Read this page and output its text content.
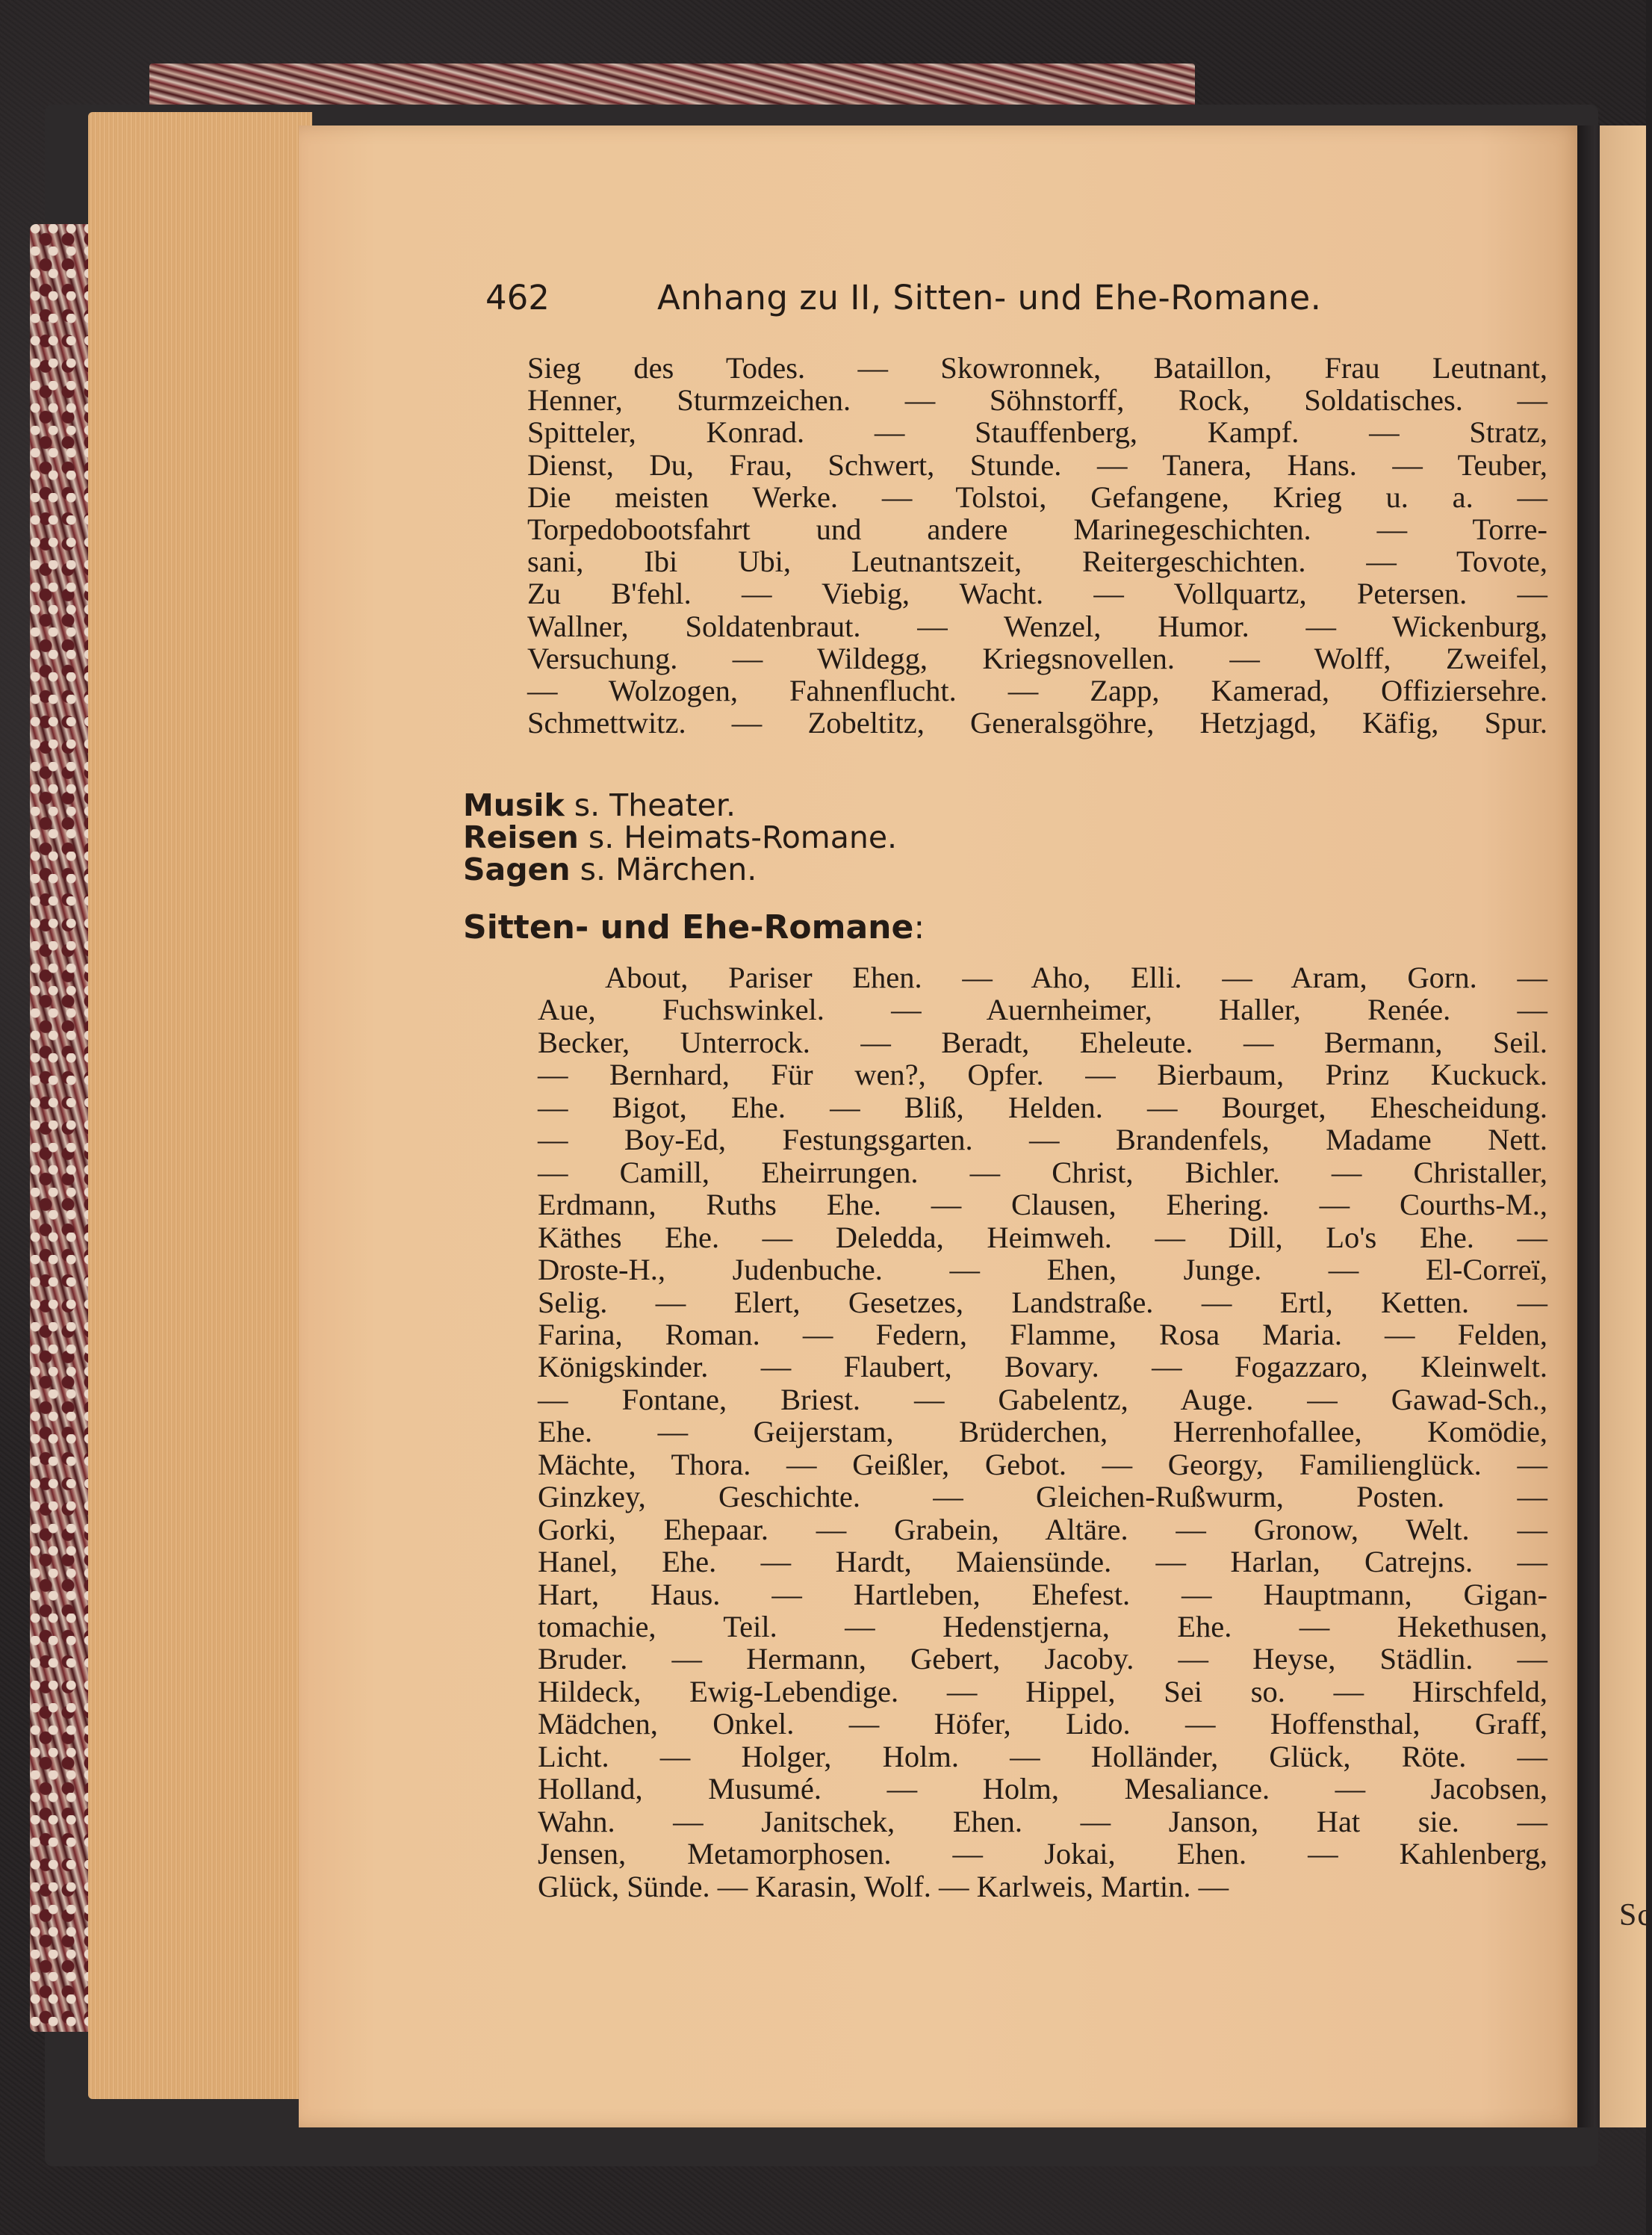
Sc
462	Anhang zu II, Sitten- und Ehe-Romane.
Sieg des Todes. — Skowronnek, Bataillon, Frau Leutnant,
Henner, Sturmzeichen. — Söhnstorff, Rock, Soldatisches. —
Spitteler, Konrad. — Stauffenberg, Kampf. — Stratz,
Dienst, Du, Frau, Schwert, Stunde. — Tanera, Hans. — Teuber,
Die meisten Werke. — Tolstoi, Gefangene, Krieg u. a. —
Torpedobootsfahrt und andere Marinegeschichten. — Torre-
sani, Ibi Ubi, Leutnantszeit, Reitergeschichten. — Tovote,
Zu B'fehl. — Viebig, Wacht. — Vollquartz, Petersen. —
Wallner, Soldatenbraut. — Wenzel, Humor. — Wickenburg,
Versuchung. — Wildegg, Kriegsnovellen. — Wolff, Zweifel,
— Wolzogen, Fahnenflucht. — Zapp, Kamerad, Offiziersehre.
Schmettwitz. — Zobeltitz, Generalsgöhre, Hetzjagd, Käfig, Spur.
Musik s. Theater.
Reisen s. Heimats-Romane.
Sagen s. Märchen.
Sitten- und Ehe-Romane:
About, Pariser Ehen. — Aho, Elli. — Aram, Gorn. —
Aue, Fuchswinkel. — Auernheimer, Haller, Renée. —
Becker, Unterrock. — Beradt, Eheleute. — Bermann, Seil.
— Bernhard, Für wen?, Opfer. — Bierbaum, Prinz Kuckuck.
— Bigot, Ehe. — Bliß, Helden. — Bourget, Ehescheidung.
— Boy-Ed, Festungsgarten. — Brandenfels, Madame Nett.
— Camill, Eheirrungen. — Christ, Bichler. — Christaller,
Erdmann, Ruths Ehe. — Clausen, Ehering. — Courths-M.,
Käthes Ehe. — Deledda, Heimweh. — Dill, Lo's Ehe. —
Droste-H., Judenbuche. — Ehen, Junge. — El-Correï,
Selig. — Elert, Gesetzes, Landstraße. — Ertl, Ketten. —
Farina, Roman. — Federn, Flamme, Rosa Maria. — Felden,
Königskinder. — Flaubert, Bovary. — Fogazzaro, Kleinwelt.
— Fontane, Briest. — Gabelentz, Auge. — Gawad-Sch.,
Ehe. — Geijerstam, Brüderchen, Herrenhofallee, Komödie,
Mächte, Thora. — Geißler, Gebot. — Georgy, Familienglück. —
Ginzkey, Geschichte. — Gleichen-Rußwurm, Posten. —
Gorki, Ehepaar. — Grabein, Altäre. — Gronow, Welt. —
Hanel, Ehe. — Hardt, Maiensünde. — Harlan, Catrejns. —
Hart, Haus. — Hartleben, Ehefest. — Hauptmann, Gigan-
tomachie, Teil. — Hedenstjerna, Ehe. — Hekethusen,
Bruder. — Hermann, Gebert, Jacoby. — Heyse, Städlin. —
Hildeck, Ewig-Lebendige. — Hippel, Sei so. — Hirschfeld,
Mädchen, Onkel. — Höfer, Lido. — Hoffensthal, Graff,
Licht. — Holger, Holm. — Holländer, Glück, Röte. —
Holland, Musumé. — Holm, Mesaliance. — Jacobsen,
Wahn. — Janitschek, Ehen. — Janson, Hat sie. —
Jensen, Metamorphosen. — Jokai, Ehen. — Kahlenberg,
Glück, Sünde. — Karasin, Wolf. — Karlweis, Martin. —
